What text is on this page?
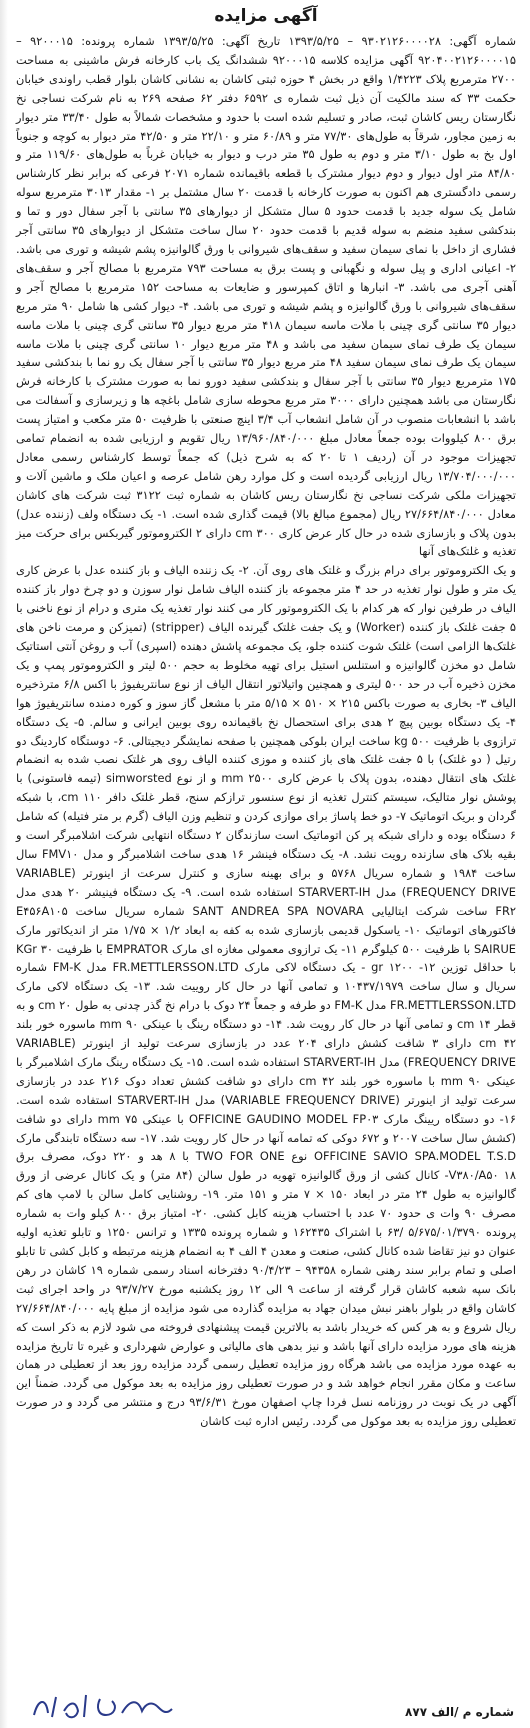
آگهی مزایده

شماره آگهی: ۹۳۰۲۱۲۶۰۰۰۰۲۸ – ۱۳۹۳/۵/۲۵ تاریخ آگهی: ۱۳۹۳/۵/۲۵ شماره پرونده: ۹۲۰۰۰۱۵ – ۹۲۰۴۰۰۲۱۲۶۰۰۰۰۱۵ آگهی مزایده کلاسه ۹۲۰۰۰۱۵ ششدانگ یک باب کارخانه فرش ماشینی به مساحت ۲۷۰۰ مترمربع پلاک ۱/۴۲۲۳ واقع در بخش ۴ حوزه ثبتی کاشان به نشانی کاشان بلوار قطب راوندی خیابان حکمت ۳۳ که سند مالکیت آن ذیل ثبت شماره ی ۶۵۹۲ دفتر ۶۲ صفحه ۲۶۹ به نام شرکت نساجی نخ نگارستان ریس کاشان ثبت، صادر و تسلیم شده است با حدود و مشخصات شمالاً به طول ۳۳/۴۰ متر دیوار به زمین مجاور، شرقاً به طول‌های ۷۷/۳۰ متر و ۶۰/۸۹ متر و ۲۲/۱۰ متر و ۴۲/۵۰ متر دیوار به کوچه و جنوباً اول بخ به طول ۳/۱۰ متر و دوم به طول ۳۵ متر درب و دیوار به خیابان غرباً به طول‌های ۱۱۹/۶۰ متر و ۸۴/۸۰ متر اول دیوار و دوم دیوار مشترک با قطعه باقیمانده شماره ۲۰۷۱ فرعی که برابر نظر کارشناس رسمی دادگستری هم اکنون به صورت کارخانه با قدمت ۲۰ سال مشتمل بر ۱- مقدار ۳۰۱۳ مترمربع سوله شامل یک سوله جدید با قدمت حدود ۵ سال متشکل از دیوارهای ۳۵ سانتی با آجر سفال دور و تما و بندکشی سفید منضم به سوله قدیم با قدمت حدود ۲۰ سال ساخت متشکل از دیوارهای ۳۵ سانتی آجر فشاری از داخل با نمای سیمان سفید و سقف‌های شیروانی با ورق گالوانیزه پشم شیشه و توری می باشد. ۲- اعیانی اداری و پیل سوله و نگهبانی و پست برق به مساحت ۷۹۳ مترمربع با مصالح آجر و سقف‌های آهنی آجری می باشد. ۳- انبارها و اتاق کمپرسور و ضایعات به مساحت ۱۵۲ مترمربع با مصالح آجر و سقف‌های شیروانی با ورق گالوانیزه و پشم شیشه و توری می باشد. ۴- دیوار کشی ها شامل ۹۰ متر مربع دیوار ۳۵ سانتی گری چینی با ملات ماسه سیمان ۴۱۸ متر مربع دیوار ۳۵ سانتی گری چینی با ملات ماسه سیمان یک طرف نمای سیمان سفید می باشد و ۴۸ متر مربع دیوار ۱۰ سانتی گری چینی با ملات ماسه سیمان یک طرف نمای سیمان سفید ۴۸ متر مربع دیوار ۳۵ سانتی با آجر سفال یک رو نما با بندکشی سفید ۱۷۵ مترمربع دیوار ۳۵ سانتی با آجر سفال و بندکشی سفید دورو نما به صورت مشترک با کارخانه فرش نگارستان می باشد همچنین دارای ۳۰۰۰ متر مربع محوطه سازی شامل باغچه ها و زیرسازی و آسفالت می باشد با انشعابات منصوب در آن شامل انشعاب آب ۳/۴ اینچ صنعتی با ظرفیت ۵۰ متر مکعب و امتیاز پست برق ۸۰۰ کیلووات بوده جمعاً معادل مبلغ ۱۳/۹۶۰/۸۴۰/۰۰۰ ریال تقویم و ارزیابی شده به انضمام تمامی تجهیزات موجود در آن (ردیف ۱ تا ۲۰ که به شرح ذیل) که جمعاً توسط کارشناس رسمی معادل ۱۳/۷۰۴/۰۰۰/۰۰۰ ریال ارزیابی گردیده است و کل موارد رهن شامل عرصه و اعیان ملک و ماشین آلات و تجهیزات ملکی شرکت نساجی نخ نگارستان ریس کاشان به شماره ثبت ۳۱۲۲ ثبت شرکت های کاشان معادل ۲۷/۶۶۴/۸۴۰/۰۰۰ ریال (مجموع مبالغ بالا) قیمت گذاری شده است. ۱- یک دستگاه ولف (زننده عدل) بدون پلاک و بازسازی شده در حال کار عرض کاری ۳۰۰ cm دارای ۲ الکتروموتور گیربکس برای حرکت میز تغذیه و غلتک‌های آنها

و یک الکتروموتور برای درام بزرگ و غلتک های روی آن. ۲- یک زننده الیاف و باز کننده عدل با عرض کاری یک متر و طول نوار تغذیه در حد ۴ متر مجموعه باز کننده الیاف شامل نوار سوزن و دو چرخ دوار باز کننده الیاف در طرفین نوار که هر کدام با یک الکتروموتور کار می کنند نوار تغذیه یک متری و درام از نوع ناخنی با ۵ جفت غلتک باز کننده (Worker) و یک جفت غلتک گیرنده الیاف (stripper) (تمیزکن و مرمت ناخن های غلتک‌ها الزامی است) غلتک شوت کننده جلو، یک مجموعه پاشش دهنده (اسپری) آب و روغن آنتی استاتیک شامل دو مخزن گالوانیزه و استنلس استیل برای تهیه مخلوط به حجم ۵۰۰ لیتر و الکتروموتور پمپ و یک مخزن ذخیره آب در حد ۵۰۰ لیتری و همچنین واتیلاتور انتقال الیاف از نوع سانتریفیوژ با اکس ۶/۸ مترذخیره الیاف ۳- بخاری به صورت باکس ۲۱۵ × ۵۱۰ × ۵/۱۵ متر با مشعل گاز سوز و کوره دمنده سانتریفیوژ هوا ۴- یک دستگاه بوبین پیچ ۲ هدی برای استحصال نخ باقیمانده روی بوبین ایرانی و سالم. ۵- یک دستگاه ترازوی با ظرفیت ۵۰۰ kg ساخت ایران بلوکی همچنین با صفحه نمایشگر دیجیتالی. ۶- دوستگاه کاردینگ دو رتیل ( دو غلتک) با ۵ جفت غلتک های باز کننده و موزی کننده الیاف روی هر غلتک نصب شده به انضمام غلتک های انتقال دهنده، بدون پلاک با عرض کاری ۲۵۰۰ mm و از نوع simworsted (تیمه فاستونی) با پوشش نوار متالیک، سیستم کنترل تغذیه از نوع سنسور ترازکم سنج، قطر غلتک دافر ۱۱۰ cm، با شبکه گردان و بریک اتوماتیک ۷- دو خط پاساژ برای موازی کردن و تنظیم وزن الیاف (گرم بر متر فتیله) که شامل ۶ دستگاه بوده و دارای شبکه پر کن اتوماتیک است سازندگان ۲ دستگاه انتهایی شرکت اشلامبرگر است و بقیه بلاک های سازنده رویت نشد. ۸- یک دستگاه فینشر ۱۶ هدی ساخت اشلامبرگر و مدل FMV۱۰ سال ساخت ۱۹۸۴ و شماره سریال ۵۷۶۸ و برای بهینه سازی و کنترل سرعت از اینورتر (VARIABLE FREQUENCY DRIVE) مدل STARVERT-IH استفاده شده است. ۹- یک دستگاه فینیشر ۲۰ هدی مدل FR۲ ساخت شرکت ایتالیایی SANT ANDREA SPA NOVARA شماره سریال ساخت E۴۵۶A۱۰۵ فاکتورهای اتوماتیک ۱۰- یاسکول قدیمی بازسازی شده به کفه به ابعاد ۱/۲ × ۱/۷۵ متر از اندیکاتور مارک SAIRUE با ظرفیت ۵۰۰ کیلوگرم ۱۱- یک ترازوی معمولی مغازه ای مارک EMPRATOR با ظرفیت ۳۰ KGr با حداقل توزین ۱۲- ۱۲۰۰ gr - یک دستگاه لاکی مارک FR.METTLERSSON.LTD مدل FM-K شماره سریال و سال ساخت ۱۰۴۳۷/۱۹۷۹ و تمامی آنها در حال کار روییت شد. ۱۳- یک دستگاه لاکی مارک FR.METTLERSSON.LTD مدل FM-K دو طرفه و جمعاً ۲۴ دوک با درام نخ گذر چدنی به طول ۲۰ cm و به قطر ۱۴ cm و تمامی آنها در حال کار رویت شد. ۱۴- دو دستگاه رینگ با عینکی ۹۰ mm ماسوره خور بلند ۴۲ cm دارای ۳ شافت کشش دارای ۲۰۴ عدد در بازسازی سرعت تولید از اینورتر (VARIABLE FREQUENCY DRIVE) مدل STARVERT-IH استفاده شده است. ۱۵- یک دستگاه رینگ مارک اشلامبرگر با عینکی ۹۰ mm با ماسوره خور بلند ۴۲ cm دارای دو شافت کشش تعداد دوک ۲۱۶ عدد در بازسازی سرعت تولید از اینورتر (VARIABLE FREQUENCY DRIVE) مدل STARVERT-IH استفاده شده است. ۱۶- دو دستگاه ریینگ مارک OFFICINE GAUDINO MODEL FP۰۳ با عینکی ۷۵ mm دارای دو شافت (کشش سال ساخت ۲۰۰۷ و ۶۷۲ دوکی که تمامه آنها در حال کار رویت شد. ۱۷- سه دستگاه تابندگی مارک OFFICINE SAVIO SPA.MODEL T.S.D نوع TWO FOR ONE با ۸ هد و ۲۲۰ دوک، مصرف برق V۳۸۰/A۵۰ ۱۸- کانال کشی از ورق گالوانیزه تهویه در طول سالن (۸۴ متر) و یک کانال عرضی از ورق گالوانیزه به طول ۲۴ متر در ابعاد ۱۵۰ × ۷ متر و ۱۵۱ متر. ۱۹- روشنایی کامل سالن با لامپ های کم مصرف ۹۰ وات ی حدود ۷۰ عدد با احتساب هزینه کابل کشی. ۲۰- امتیاز برق ۸۰۰ کیلو وات به شماره پرونده ۵/۶۷۵/۰۱/۳۷۹۰ /۶۳ با اشتراک ۱۶۲۴۳۵ و شماره پرونده ۱۳۳۵ و ترانس ۱۲۵۰ و تابلو تغذیه اولیه عنوان دو نیز تقاضا شده کانال کشی، صنعت و معدن ۴ الف ۴ به انضمام هزینه مرتبطه و کابل کشی تا تابلو اصلی و تمام برابر سند رهنی شماره ۹۴۳۵۸ – ۹۰/۴/۲۳ دفترخانه اسناد رسمی شماره ۱۹ کاشان در رهن بانک سپه شعبه کاشان قرار گرفته از ساعت ۹ الی ۱۲ روز یکشنبه مورخ ۹۳/۷/۲۷ در واحد اجرای ثبت کاشان واقع در بلوار باهنر نبش میدان جهاد به مزایده گذارده می شود مزایده از مبلغ پایه ۲۷/۶۶۴/۸۴۰/۰۰۰ ریال شروع و به هر کس که خریدار باشد به بالاترین قیمت پیشنهادی فروخته می شود لازم به ذکر است که هزینه های مورد مزایده دارای آنها باشد و نیز بدهی های مالیاتی و عوارض شهرداری و غیره تا تاریخ مزایده به عهده مورد مزایده می باشد هرگاه روز مزایده تعطیل رسمی گردد مزایده روز بعد از تعطیلی در همان ساعت و مکان مقرر انجام خواهد شد و در صورت تعطیلی روز مزایده به بعد موکول می گردد. ضمناً این آگهی در یک نوبت در روزنامه نسل فردا چاپ اصفهان مورخ ۹۳/۶/۳۱ درج و منتشر می گردد و در صورت تعطیلی روز مزایده به بعد موکول می گردد. رئیس اداره ثبت کاشان

شماره م /الف ۸۷۷
